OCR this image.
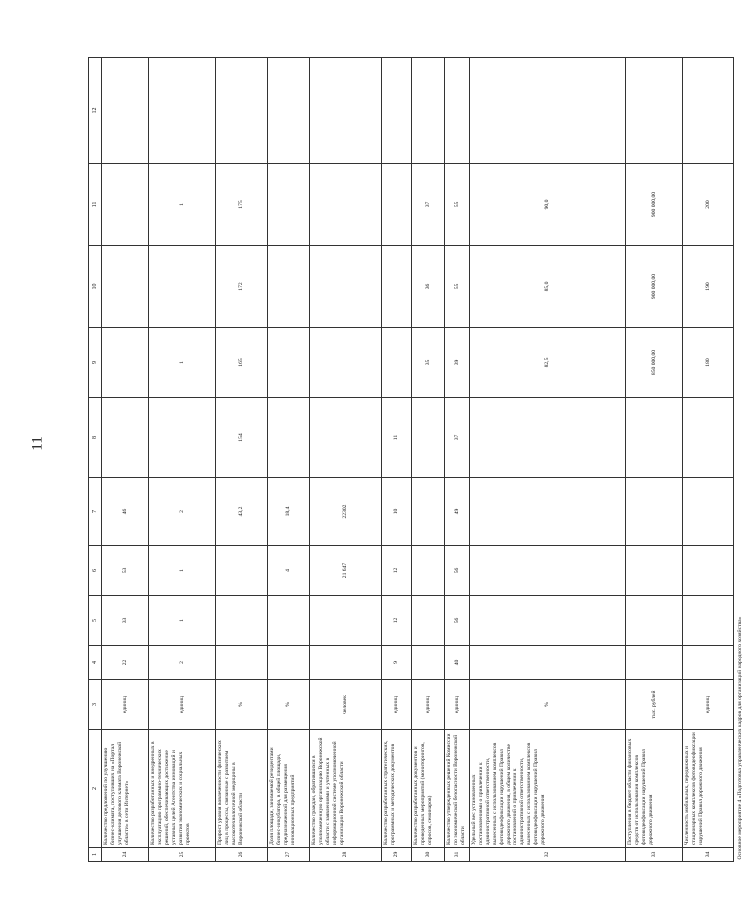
11
1	2	3	4	5	6	7	8	9	10	11	12
24	Количество предложений по улучшению бизнес-климата, поступивших на «Портал улучшения делового климата Воронежской области» в сети Интернет»	единиц	22	33	53	46					
25	Количество разработанных и внедренных в эксплуатацию программно-технических решений, обеспечивающих достижение уставных целей Агентства инноваций и развития экономических и социальных проектов	единиц	2	1	1	2		1		1	
26	Прирост уровня вовлеченности физических лиц в процессы, связанные с развитием высокотехнологичной медицины в Воронежской области	%				43,2	154	165	172	175	
27	Доля площади, занимаемой резидентами бизнес-инкубатора, в общей площади, предназначенной для размещения инновационных предприятий	%			4	18,4					
28	Количество граждан, обратившихся в уполномоченную организацию Воронежской области с заявлениями и учтенных в информационной системе уполномоченной организации Воронежской области	человек			21 647	22302					
29	Количество разработанных стратегических, программных и методических документов	единиц	9	12	12	10	11				
30	Количество разработанных документов и проведенных мероприятий (мониторингов, опросов, семинаров)	единиц						35	36	37	
31	Количество утвержденных решений Комиссии по экономической безопасности Воронежской области	единиц	40	56	56	49	37	39	55	55	
32	Удельный вес установленных постановлениями о привлечении к административной ответственности, вынесенных с использованием комплексов фотовидеофиксации нарушений Правил дорожного движения, в общем количестве постановлений о привлечении к административной ответственности, вынесенных с использованием комплексов фотовидеофиксации нарушений Правил дорожного движения	%						82,5	85,0	90,0	
33	Поступления в бюджет области финансовых средств от использования комплексов фотовидеофиксации нарушений Правил дорожного движения	тыс. рублей						850 000,00	900 000,00	900 000,00	
34	Численность мобильных, передвижных и стационарных комплексов фотовидеофиксации нарушений Правил дорожного движения	единиц						180	190	200	
Основное мероприятие 4 «Подготовка управленческих кадров для организаций народного хозяйства»											
